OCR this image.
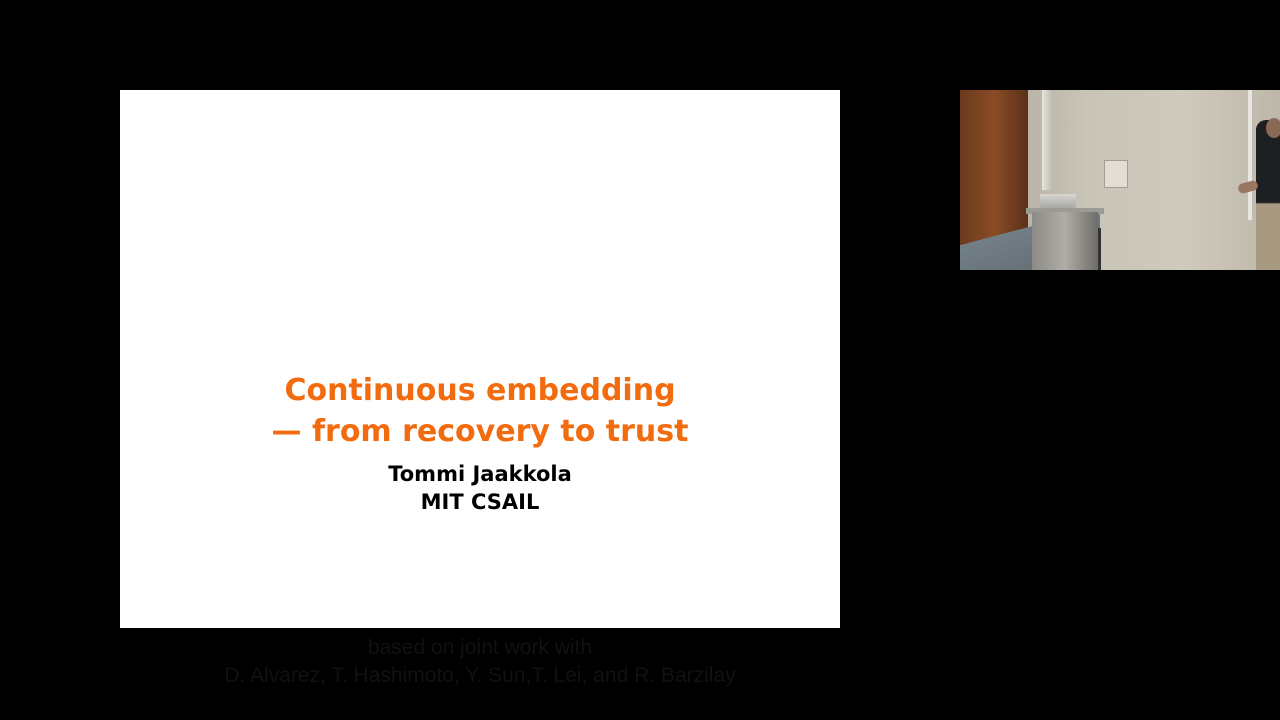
Continuous embedding
— from recovery to trust
Tommi Jaakkola
MIT CSAIL
based on joint work with
D. Alvarez, T. Hashimoto, Y. Sun,T. Lei, and R. Barzilay
